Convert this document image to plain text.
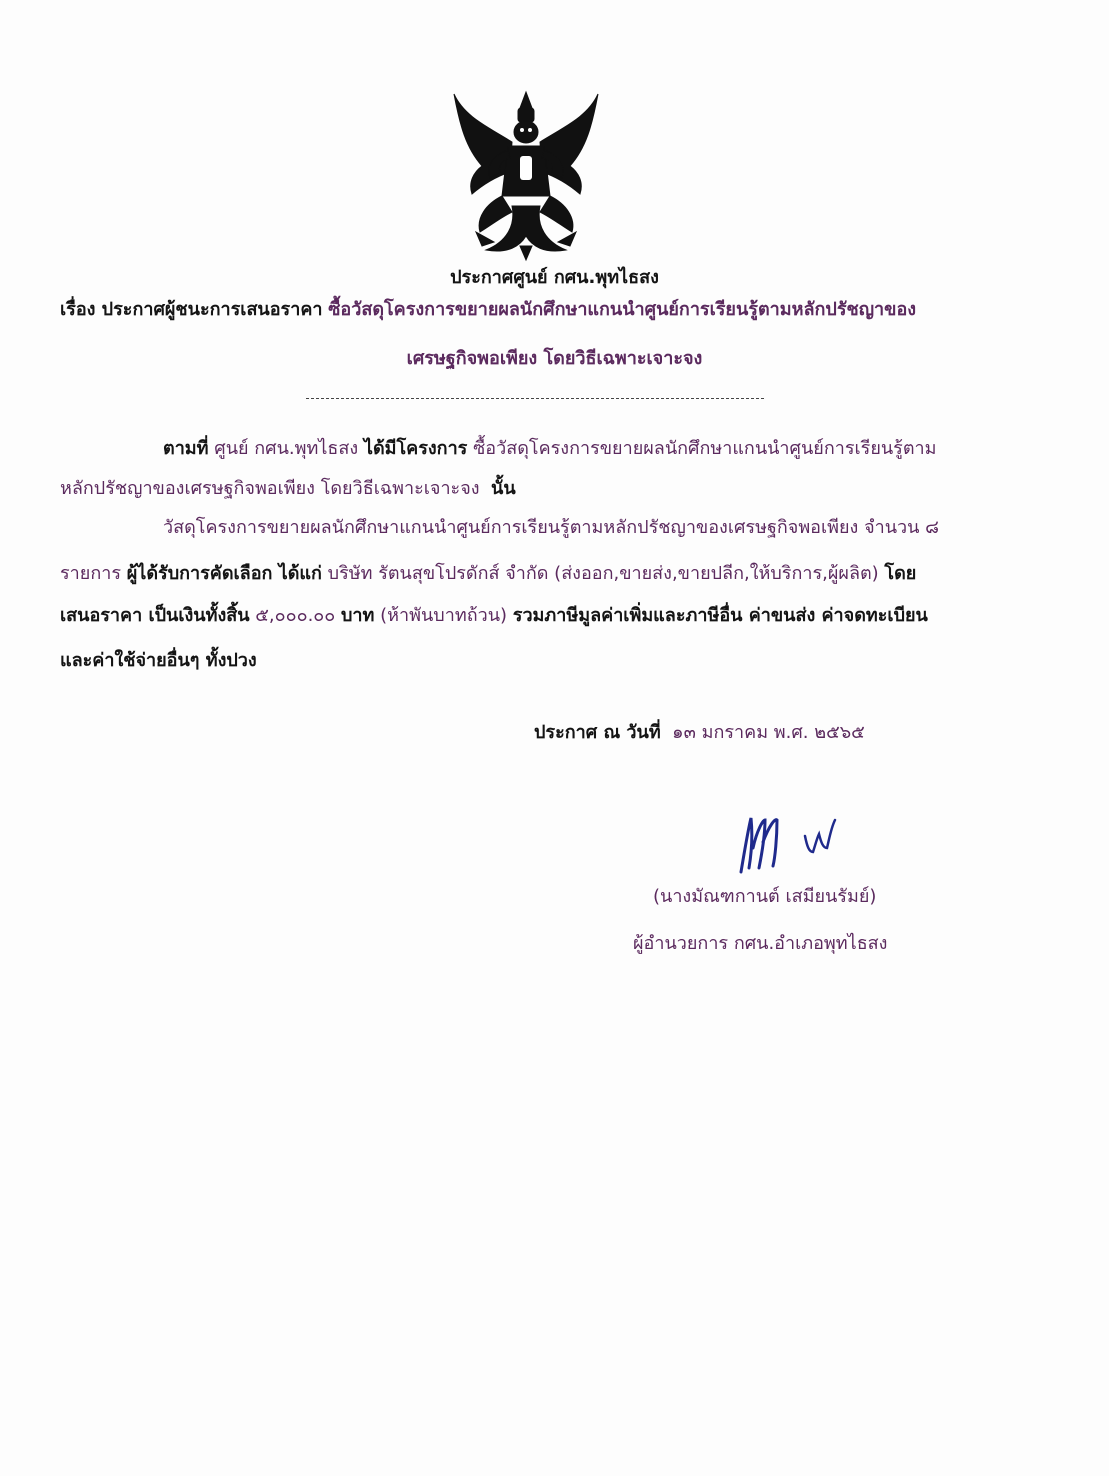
ประกาศศูนย์ กศน.พุทไธสง
เรื่อง ประกาศผู้ชนะการเสนอราคา ซื้อวัสดุโครงการขยายผลนักศึกษาแกนนำศูนย์การเรียนรู้ตามหลักปรัชญาของ
เศรษฐกิจพอเพียง โดยวิธีเฉพาะเจาะจง
ตามที่ ศูนย์ กศน.พุทไธสง ได้มีโครงการ ซื้อวัสดุโครงการขยายผลนักศึกษาแกนนำศูนย์การเรียนรู้ตาม
หลักปรัชญาของเศรษฐกิจพอเพียง โดยวิธีเฉพาะเจาะจง นั้น
วัสดุโครงการขยายผลนักศึกษาแกนนำศูนย์การเรียนรู้ตามหลักปรัชญาของเศรษฐกิจพอเพียง จำนวน ๘
รายการ ผู้ได้รับการคัดเลือก ได้แก่ บริษัท รัตนสุขโปรดักส์ จำกัด (ส่งออก,ขายส่ง,ขายปลีก,ให้บริการ,ผู้ผลิต) โดย
เสนอราคา เป็นเงินทั้งสิ้น ๕,๐๐๐.๐๐ บาท (ห้าพันบาทถ้วน) รวมภาษีมูลค่าเพิ่มและภาษีอื่น ค่าขนส่ง ค่าจดทะเบียน
และค่าใช้จ่ายอื่นๆ ทั้งปวง
ประกาศ ณ วันที่ ๑๓ มกราคม พ.ศ. ๒๕๖๕
(นางมัณฑกานต์ เสมียนรัมย์)
ผู้อำนวยการ กศน.อำเภอพุทไธสง
